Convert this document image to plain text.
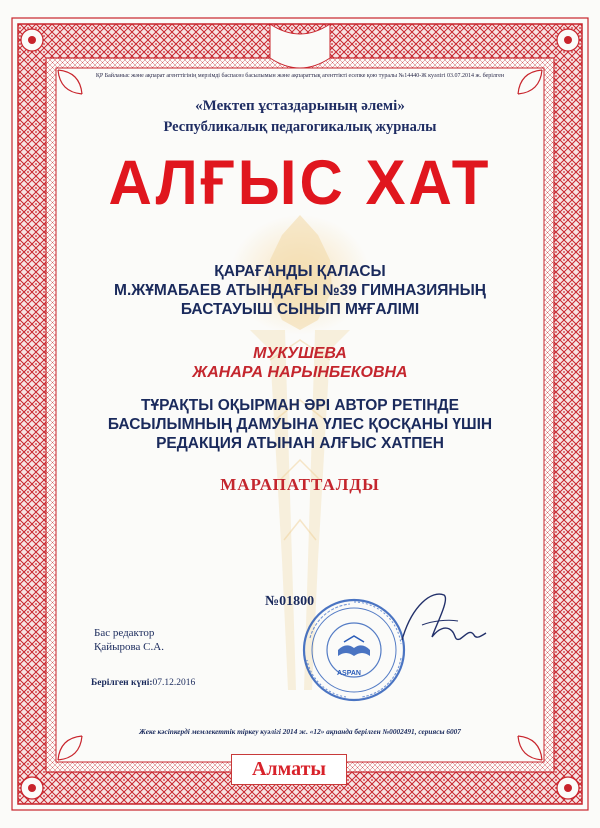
ҚР Байланыс және ақпарат агенттігінің мерзімді баспасөз басылымын және ақпараттық агенттікті есепке қою туралы №14440-Ж куәлігі 03.07.2014 ж. берілген
«Мектеп ұстаздарының әлемі»
Республикалық педагогикалық журналы
АЛҒЫС ХАТ
ҚАРАҒАНДЫ ҚАЛАСЫ
М.ЖҰМАБАЕВ АТЫНДАҒЫ №39 ГИМНАЗИЯНЫҢ
БАСТАУЫШ СЫНЫП МҰҒАЛІМІ
МУКУШЕВА
ЖАНАРА НАРЫНБЕКОВНА
ТҰРАҚТЫ ОҚЫРМАН ӘРІ АВТОР РЕТІНДЕ
БАСЫЛЫМНЫҢ ДАМУЫНА ҮЛЕС ҚОСҚАНЫ ҮШІН
РЕДАКЦИЯ АТЫНАН АЛҒЫС ХАТПЕН
МАРАПАТТАЛДЫ
№01800
Бас редактор
Қайырова С.А.
ASPAN
Берілген күні:07.12.2016
Жеке кәсіпкерді мемлекеттік тіркеу куәлігі 2014 ж. «12» ақпанда берілген №0002491, сериясы 6007
Алматы
